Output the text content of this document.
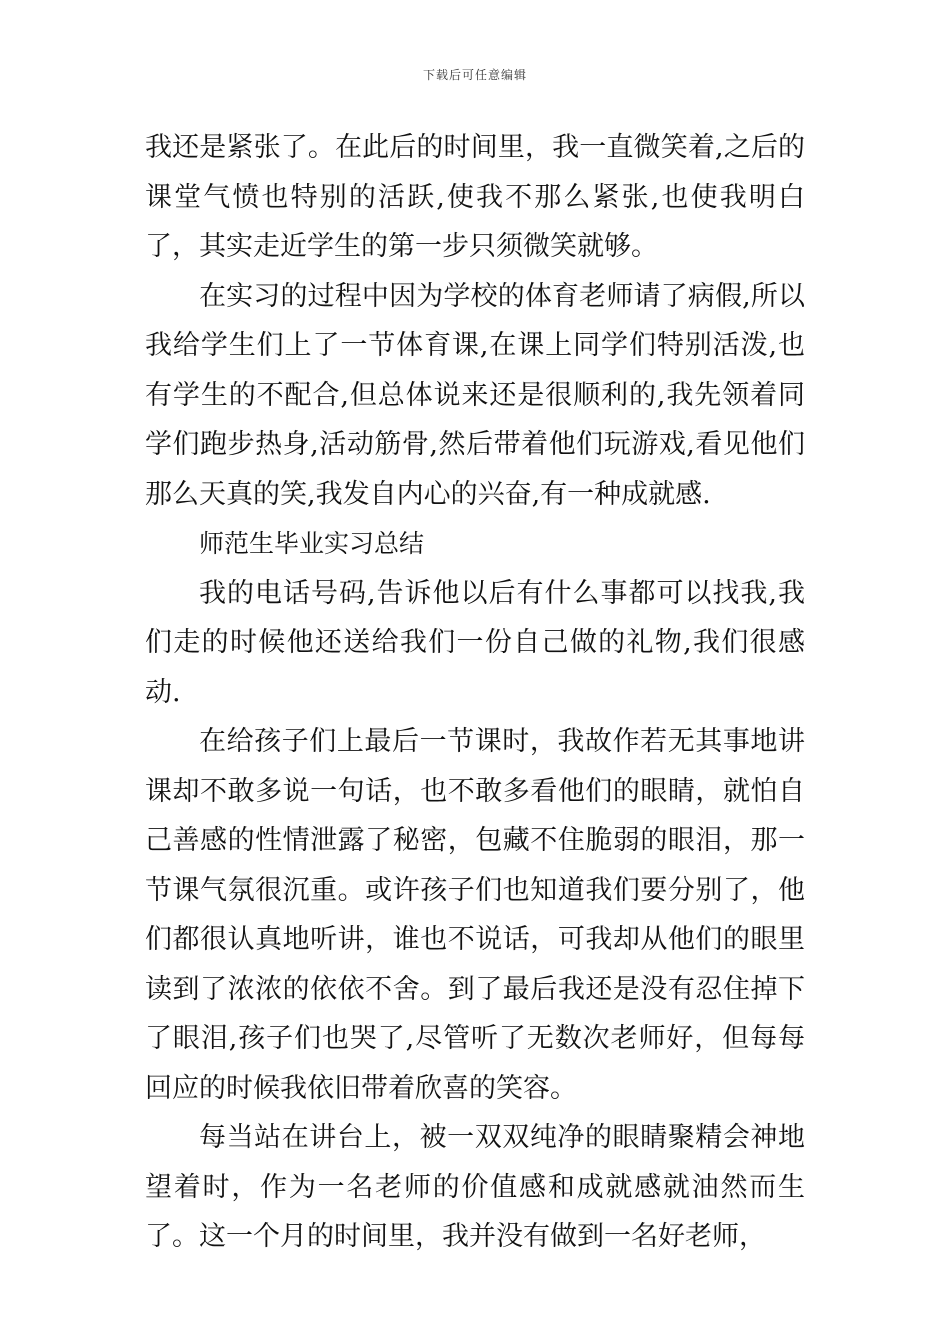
下载后可任意编辑

我还是紧张了。在此后的时间里，我一直微笑着,之后的课堂气愤也特别的活跃,使我不那么紧张,也使我明白了，其实走近学生的第一步只须微笑就够。

在实习的过程中因为学校的体育老师请了病假,所以我给学生们上了一节体育课,在课上同学们特别活泼,也有学生的不配合,但总体说来还是很顺利的,我先领着同学们跑步热身,活动筋骨,然后带着他们玩游戏,看见他们那么天真的笑,我发自内心的兴奋,有一种成就感.

师范生毕业实习总结

我的电话号码,告诉他以后有什么事都可以找我,我们走的时候他还送给我们一份自己做的礼物,我们很感动.

在给孩子们上最后一节课时，我故作若无其事地讲课却不敢多说一句话，也不敢多看他们的眼睛，就怕自己善感的性情泄露了秘密，包藏不住脆弱的眼泪，那一节课气氛很沉重。或许孩子们也知道我们要分别了，他们都很认真地听讲，谁也不说话，可我却从他们的眼里读到了浓浓的依依不舍。到了最后我还是没有忍住掉下了眼泪,孩子们也哭了,尽管听了无数次老师好，但每每回应的时候我依旧带着欣喜的笑容。

每当站在讲台上，被一双双纯净的眼睛聚精会神地望着时，作为一名老师的价值感和成就感就油然而生了。这一个月的时间里，我并没有做到一名好老师，
